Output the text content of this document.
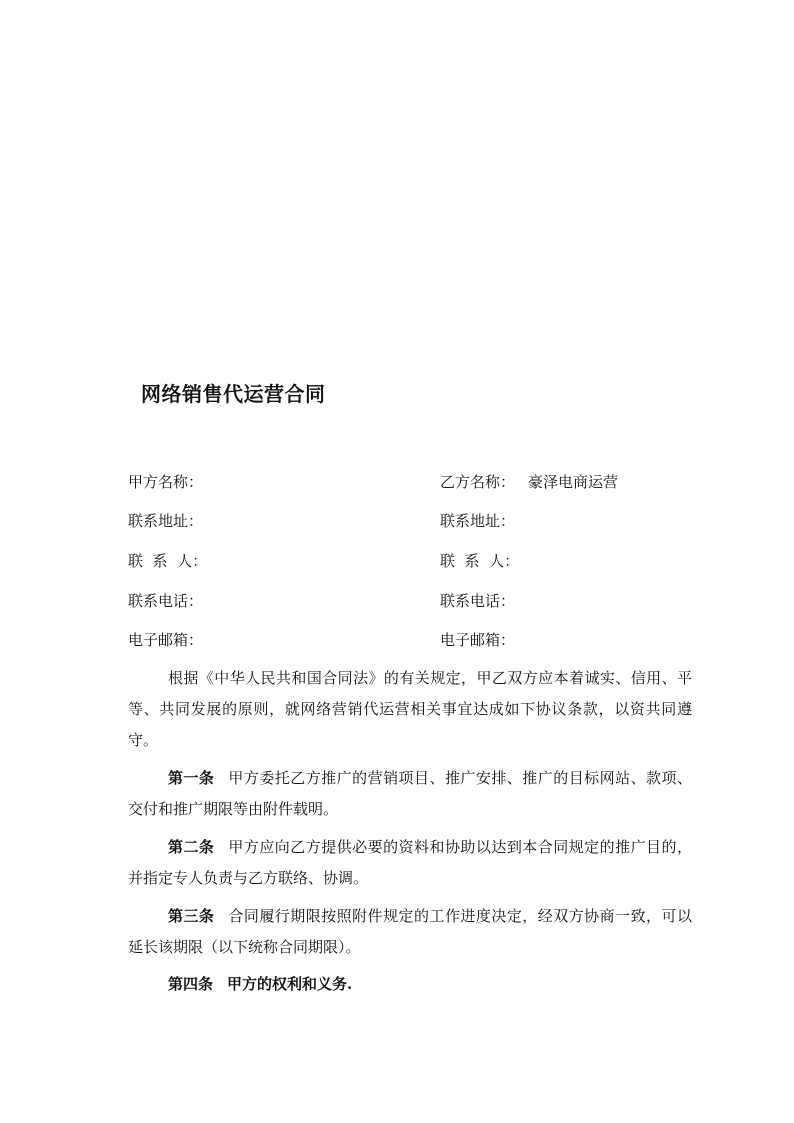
网络销售代运营合同
甲方名称：	乙方名称： 豪泽电商运营
联系地址：	联系地址：
联  系  人：	联  系  人：
联系电话：	联系电话：
电子邮箱：	电子邮箱：

根据《中华人民共和国合同法》的有关规定，甲乙双方应本着诚实、信用、平等、共同发展的原则，就网络营销代运营相关事宜达成如下协议条款，以资共同遵守。

第一条 甲方委托乙方推广的营销项目、推广安排、推广的目标网站、款项、交付和推广期限等由附件载明。

第二条 甲方应向乙方提供必要的资料和协助以达到本合同规定的推广目的，并指定专人负责与乙方联络、协调。

第三条 合同履行期限按照附件规定的工作进度决定，经双方协商一致，可以延长该期限（以下统称合同期限）。

第四条 甲方的权利和义务.
